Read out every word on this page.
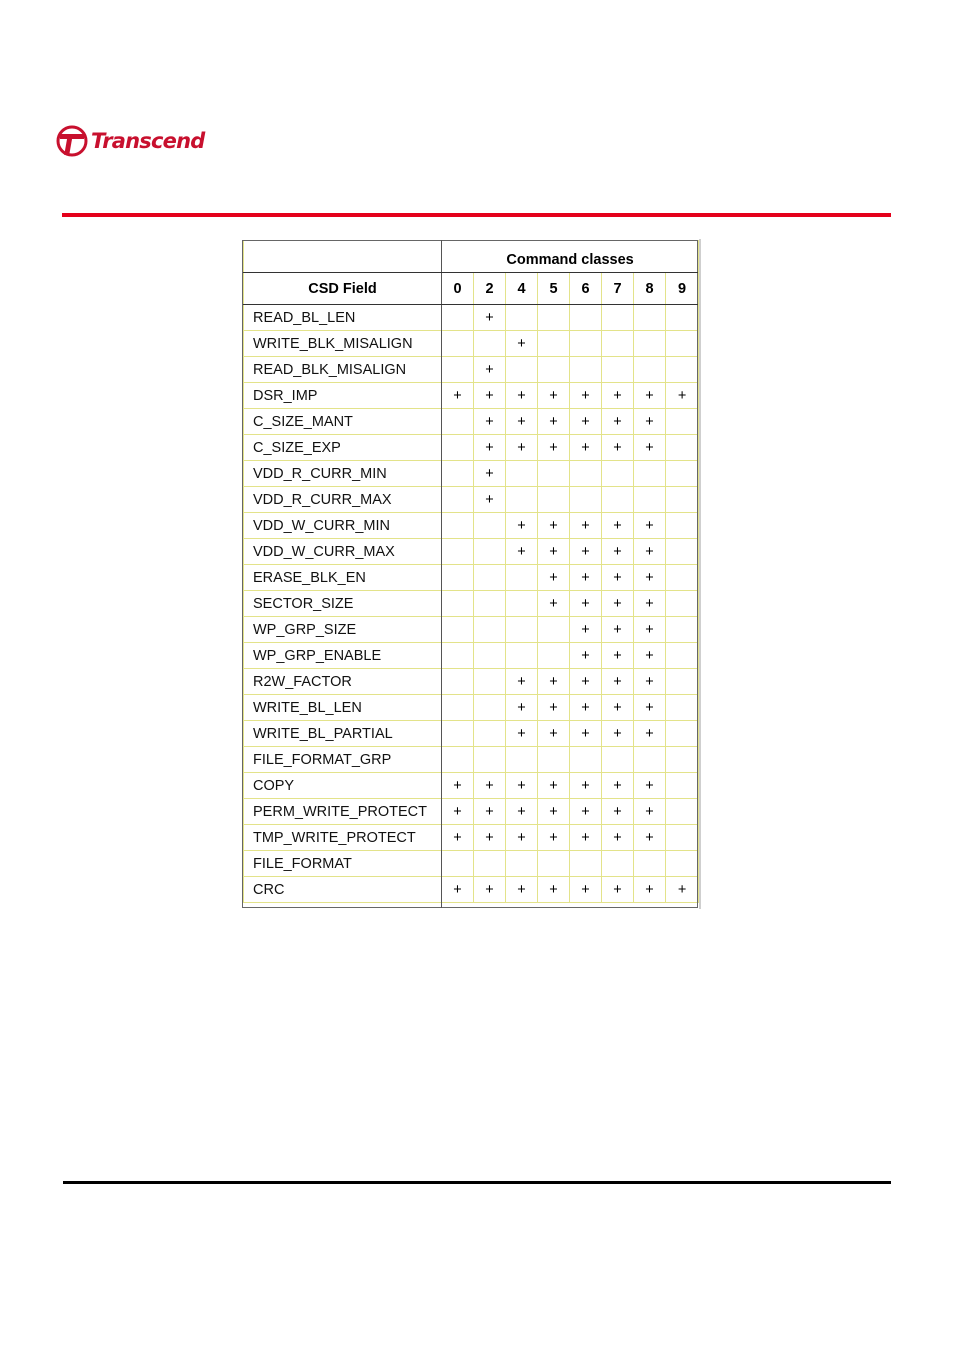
Transcend
	Command classes							
CSD Field	0	2	4	5	6	7	8	9
READ_BL_LEN		+						
WRITE_BLK_MISALIGN			+					
READ_BLK_MISALIGN		+						
DSR_IMP	+	+	+	+	+	+	+	+
C_SIZE_MANT		+	+	+	+	+	+	
C_SIZE_EXP		+	+	+	+	+	+	
VDD_R_CURR_MIN		+						
VDD_R_CURR_MAX		+						
VDD_W_CURR_MIN			+	+	+	+	+	
VDD_W_CURR_MAX			+	+	+	+	+	
ERASE_BLK_EN				+	+	+	+	
SECTOR_SIZE				+	+	+	+	
WP_GRP_SIZE					+	+	+	
WP_GRP_ENABLE					+	+	+	
R2W_FACTOR			+	+	+	+	+	
WRITE_BL_LEN			+	+	+	+	+	
WRITE_BL_PARTIAL			+	+	+	+	+	
FILE_FORMAT_GRP								
COPY	+	+	+	+	+	+	+	
PERM_WRITE_PROTECT	+	+	+	+	+	+	+	
TMP_WRITE_PROTECT	+	+	+	+	+	+	+	
FILE_FORMAT								
CRC	+	+	+	+	+	+	+	+
